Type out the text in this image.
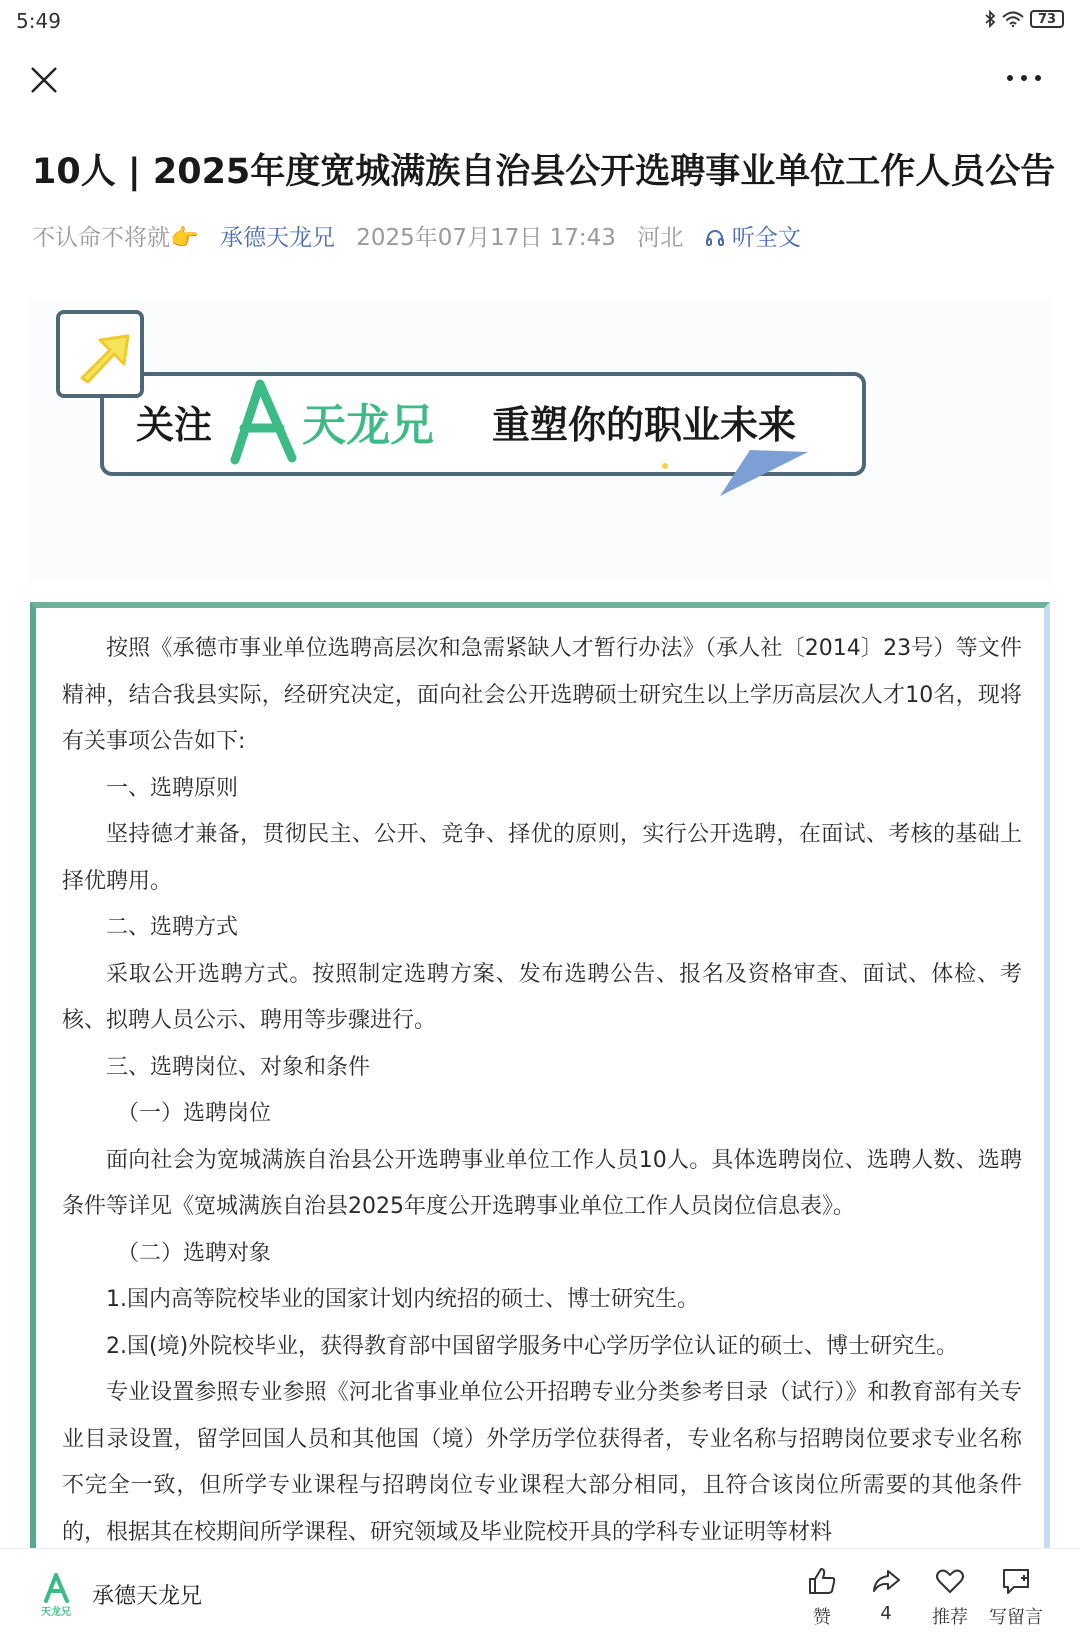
5:49	73
10人 | 2025年度宽城满族自治县公开选聘事业单位工作人员公告
不认命不将就👉 承德天龙兄 2025年07月17日 17:43 河北 听全文
关注 天龙兄 重塑你的职业未来

按照《承德市事业单位选聘高层次和急需紧缺人才暂行办法》（承人社〔2014〕23号）等文件精神，结合我县实际，经研究决定，面向社会公开选聘硕士研究生以上学历高层次人才10名，现将有关事项公告如下:

一、选聘原则

坚持德才兼备，贯彻民主、公开、竞争、择优的原则，实行公开选聘，在面试、考核的基础上择优聘用。

二、选聘方式

采取公开选聘方式。按照制定选聘方案、发布选聘公告、报名及资格审查、面试、体检、考核、拟聘人员公示、聘用等步骤进行。

三、选聘岗位、对象和条件

（一）选聘岗位

面向社会为宽城满族自治县公开选聘事业单位工作人员10人。具体选聘岗位、选聘人数、选聘条件等详见《宽城满族自治县2025年度公开选聘事业单位工作人员岗位信息表》。

（二）选聘对象

1.国内高等院校毕业的国家计划内统招的硕士、博士研究生。

2.国(境)外院校毕业，获得教育部中国留学服务中心学历学位认证的硕士、博士研究生。

专业设置参照专业参照《河北省事业单位公开招聘专业分类参考目录（试行）》和教育部有关专业目录设置，留学回国人员和其他国（境）外学历学位获得者，专业名称与招聘岗位要求专业名称不完全一致，但所学专业课程与招聘岗位专业课程大部分相同，且符合该岗位所需要的其他条件的，根据其在校期间所学课程、研究领域及毕业院校开具的学科专业证明等材料

天龙兄
承德天龙兄
赞	4	推荐	写留言
